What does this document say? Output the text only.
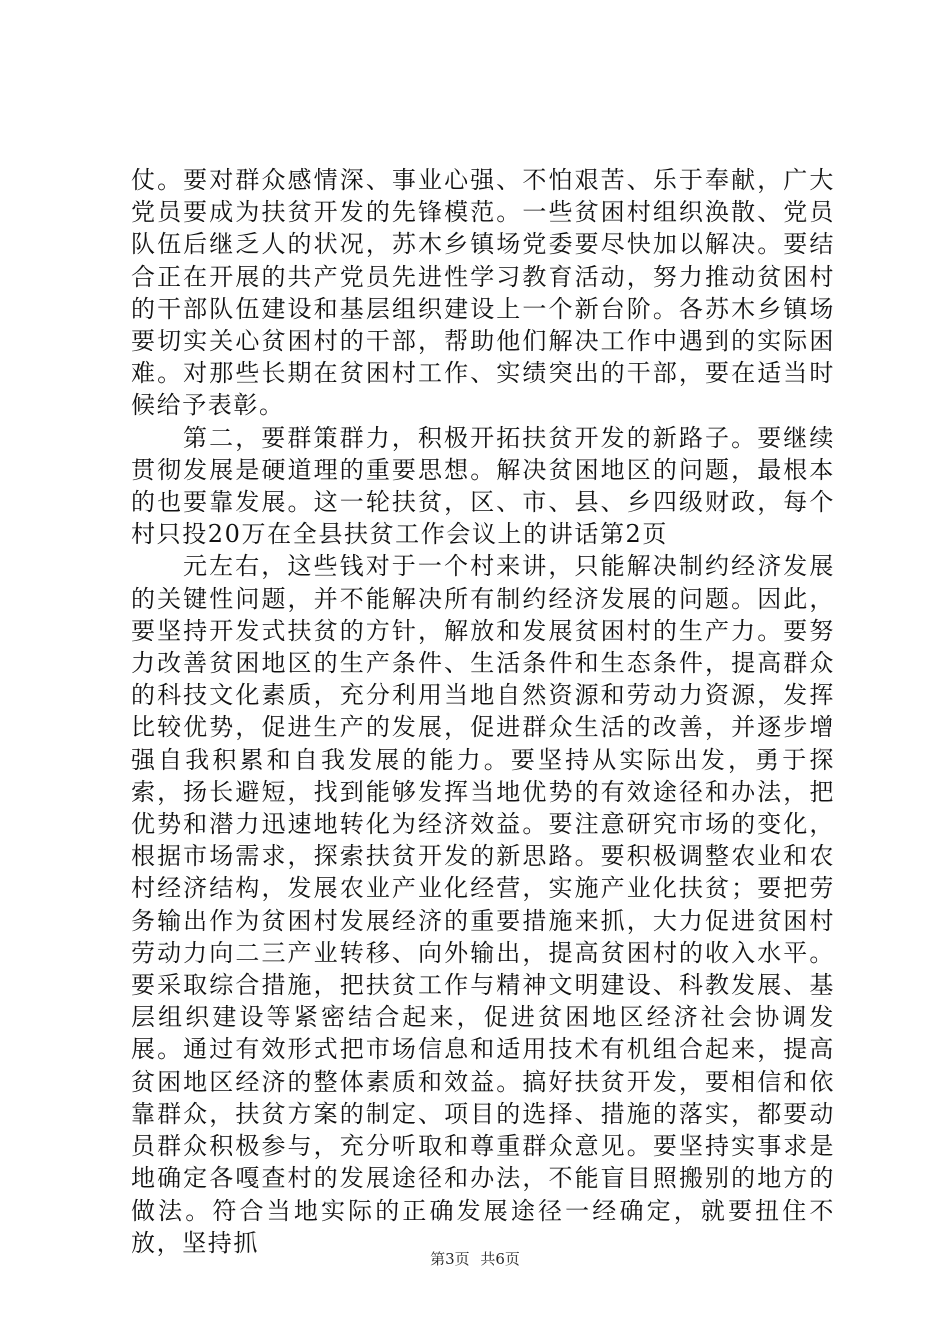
仗。要对群众感情深、事业心强、不怕艰苦、乐于奉献，广大党员要成为扶贫开发的先锋模范。一些贫困村组织涣散、党员队伍后继乏人的状况，苏木乡镇场党委要尽快加以解决。要结合正在开展的共产党员先进性学习教育活动，努力推动贫困村的干部队伍建设和基层组织建设上一个新台阶。各苏木乡镇场要切实关心贫困村的干部，帮助他们解决工作中遇到的实际困难。对那些长期在贫困村工作、实绩突出的干部，要在适当时候给予表彰。

第二，要群策群力，积极开拓扶贫开发的新路子。要继续贯彻发展是硬道理的重要思想。解决贫困地区的问题，最根本的也要靠发展。这一轮扶贫，区、市、县、乡四级财政，每个村只投20万在全县扶贫工作会议上的讲话第2页

元左右，这些钱对于一个村来讲，只能解决制约经济发展的关键性问题，并不能解决所有制约经济发展的问题。因此，要坚持开发式扶贫的方针，解放和发展贫困村的生产力。要努力改善贫困地区的生产条件、生活条件和生态条件，提高群众的科技文化素质，充分利用当地自然资源和劳动力资源，发挥比较优势，促进生产的发展，促进群众生活的改善，并逐步增强自我积累和自我发展的能力。要坚持从实际出发，勇于探索，扬长避短，找到能够发挥当地优势的有效途径和办法，把优势和潜力迅速地转化为经济效益。要注意研究市场的变化，根据市场需求，探索扶贫开发的新思路。要积极调整农业和农村经济结构，发展农业产业化经营，实施产业化扶贫；要把劳务输出作为贫困村发展经济的重要措施来抓，大力促进贫困村劳动力向二三产业转移、向外输出，提高贫困村的收入水平。要采取综合措施，把扶贫工作与精神文明建设、科教发展、基层组织建设等紧密结合起来，促进贫困地区经济社会协调发展。通过有效形式把市场信息和适用技术有机组合起来，提高贫困地区经济的整体素质和效益。搞好扶贫开发，要相信和依靠群众，扶贫方案的制定、项目的选择、措施的落实，都要动员群众积极参与，充分听取和尊重群众意见。要坚持实事求是地确定各嘎查村的发展途径和办法，不能盲目照搬别的地方的做法。符合当地实际的正确发展途径一经确定，就要扭住不放，坚持抓

第3页 共6页
